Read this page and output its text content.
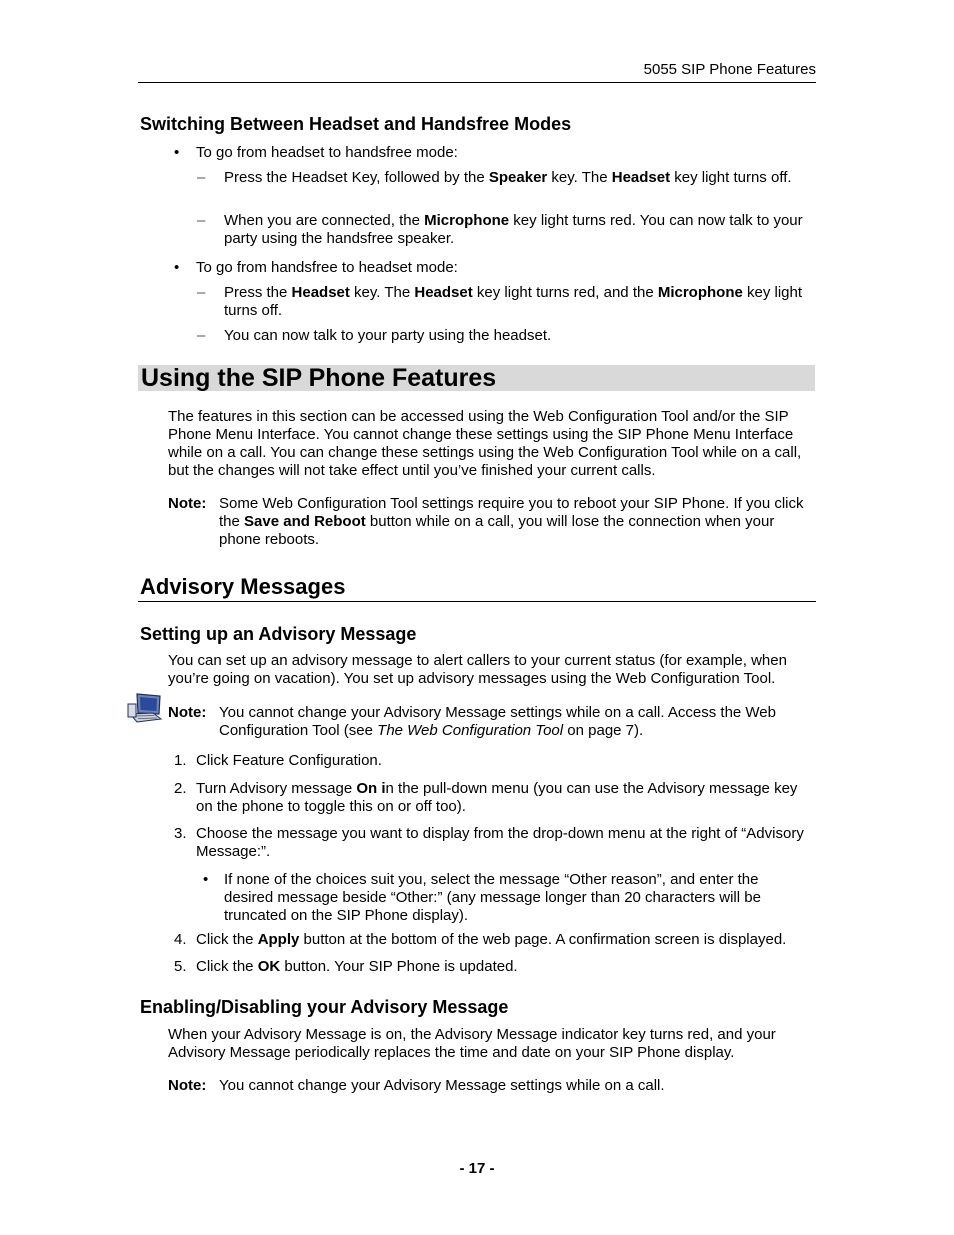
5055 SIP Phone Features
Switching Between Headset and Handsfree Modes
• To go from headset to handsfree mode:
– Press the Headset Key, followed by the Speaker key. The Headset key light turns off.
– When you are connected, the Microphone key light turns red. You can now talk to your party using the handsfree speaker.
• To go from handsfree to headset mode:
– Press the Headset key. The Headset key light turns red, and the Microphone key light turns off.
– You can now talk to your party using the headset.
Using the SIP Phone Features

The features in this section can be accessed using the Web Configuration Tool and/or the SIP Phone Menu Interface. You cannot change these settings using the SIP Phone Menu Interface while on a call. You can change these settings using the Web Configuration Tool while on a call, but the changes will not take effect until you’ve finished your current calls.

Note: Some Web Configuration Tool settings require you to reboot your SIP Phone. If you click the Save and Reboot button while on a call, you will lose the connection when your phone reboots.
Advisory Messages
Setting up an Advisory Message

You can set up an advisory message to alert callers to your current status (for example, when you’re going on vacation). You set up advisory messages using the Web Configuration Tool.

Note: You cannot change your Advisory Message settings while on a call. Access the Web Configuration Tool (see The Web Configuration Tool on page 7).
1. Click Feature Configuration.
2. Turn Advisory message On in the pull-down menu (you can use the Advisory message key on the phone to toggle this on or off too).
3. Choose the message you want to display from the drop-down menu at the right of “Advisory Message:”.
• If none of the choices suit you, select the message “Other reason”, and enter the desired message beside “Other:” (any message longer than 20 characters will be truncated on the SIP Phone display).
4. Click the Apply button at the bottom of the web page. A confirmation screen is displayed.
5. Click the OK button. Your SIP Phone is updated.
Enabling/Disabling your Advisory Message

When your Advisory Message is on, the Advisory Message indicator key turns red, and your Advisory Message periodically replaces the time and date on your SIP Phone display.

Note: You cannot change your Advisory Message settings while on a call.
- 17 -
